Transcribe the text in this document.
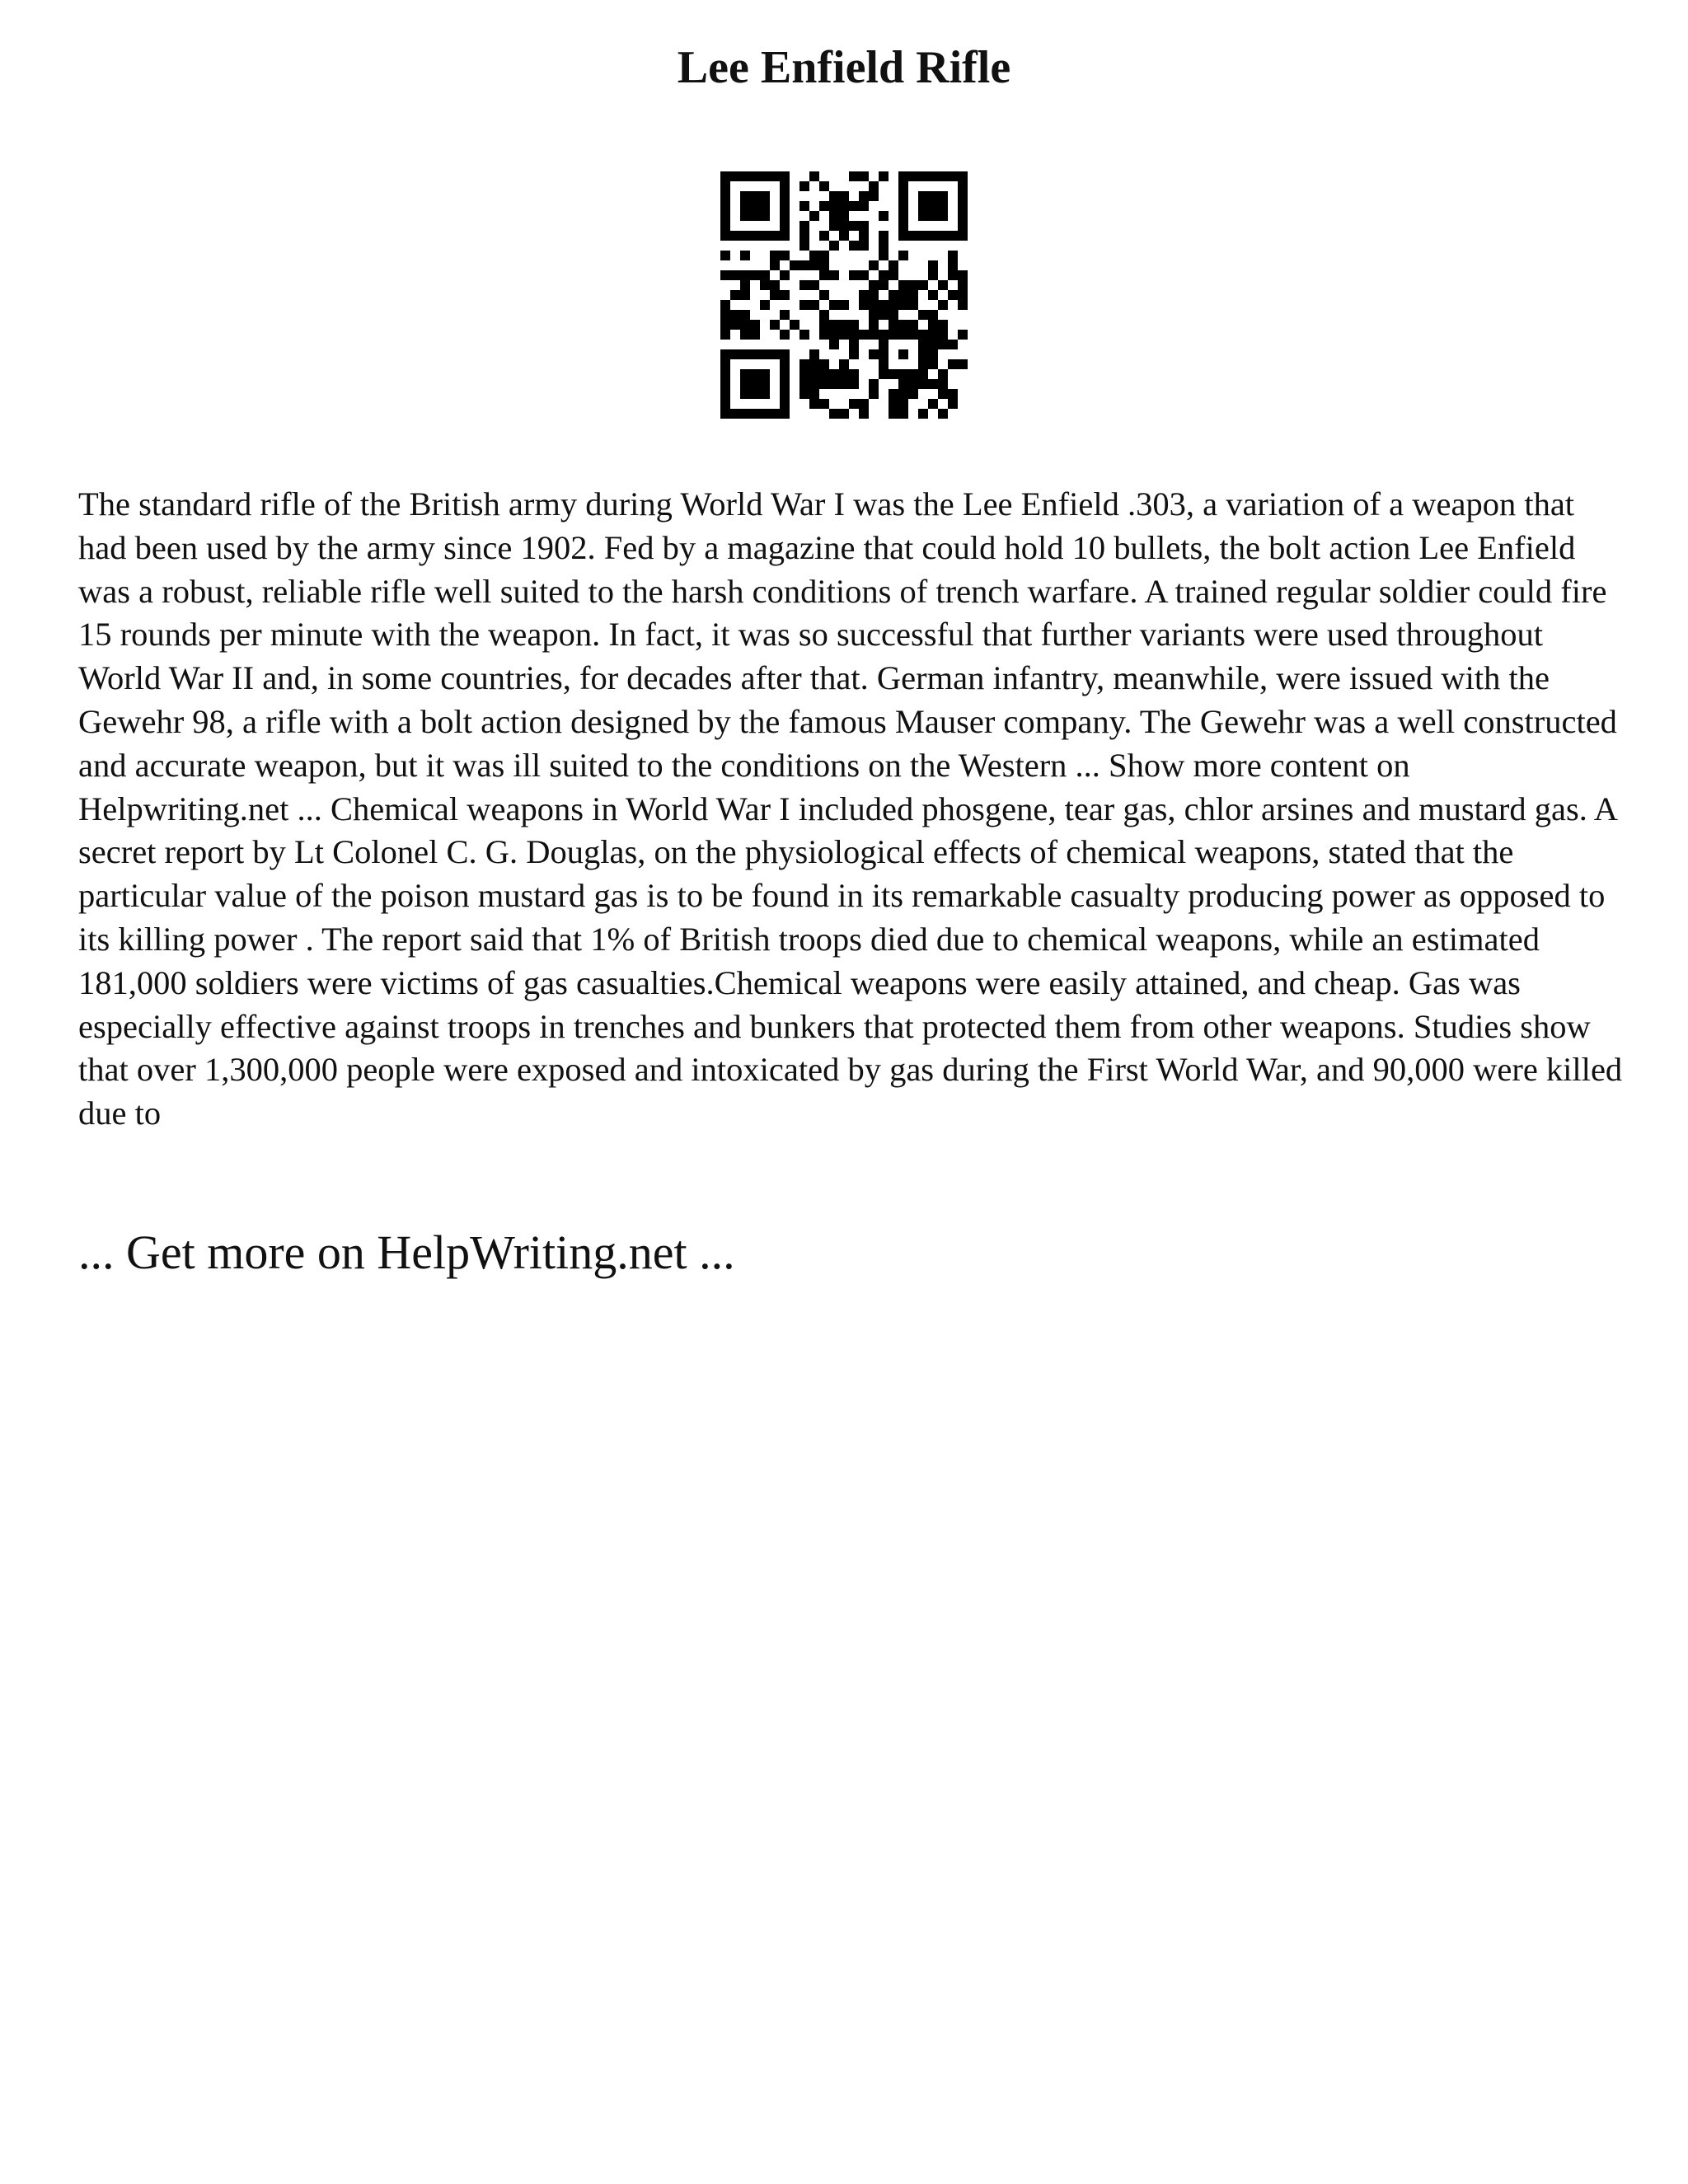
Lee Enfield Rifle

The standard rifle of the British army during World War I was the Lee Enfield .303, a variation of a weapon that had been used by the army since 1902. Fed by a magazine that could hold 10 bullets, the bolt action Lee Enfield was a robust, reliable rifle well suited to the harsh conditions of trench warfare. A trained regular soldier could fire 15 rounds per minute with the weapon. In fact, it was so successful that further variants were used throughout World War II and, in some countries, for decades after that. German infantry, meanwhile, were issued with the Gewehr 98, a rifle with a bolt action designed by the famous Mauser company. The Gewehr was a well constructed and accurate weapon, but it was ill suited to the conditions on the Western ... Show more content on Helpwriting.net ... Chemical weapons in World War I included phosgene, tear gas, chlor arsines and mustard gas. A secret report by Lt Colonel C. G. Douglas, on the physiological effects of chemical weapons, stated that the particular value of the poison mustard gas is to be found in its remarkable casualty producing power as opposed to its killing power . The report said that 1% of British troops died due to chemical weapons, while an estimated 181,000 soldiers were victims of gas casualties.Chemical weapons were easily attained, and cheap. Gas was especially effective against troops in trenches and bunkers that protected them from other weapons. Studies show that over 1,300,000 people were exposed and intoxicated by gas during the First World War, and 90,000 were killed due to

... Get more on HelpWriting.net ...
